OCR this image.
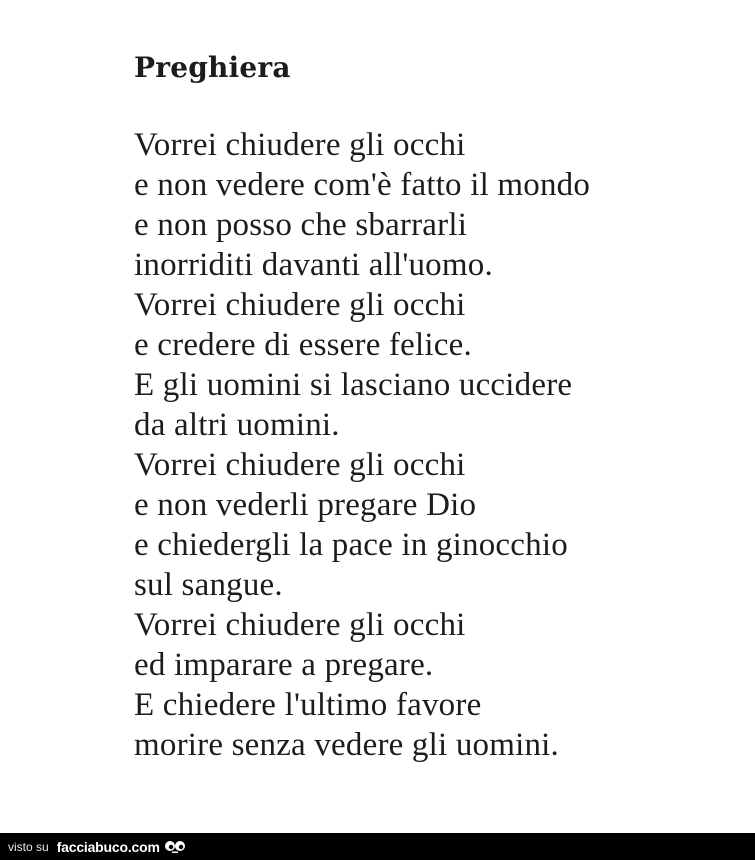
Preghiera
Vorrei chiudere gli occhi
e non vedere com'è fatto il mondo
e non posso che sbarrarli
inorriditi davanti all'uomo.
Vorrei chiudere gli occhi
e credere di essere felice.
E gli uomini si lasciano uccidere
da altri uomini.
Vorrei chiudere gli occhi
e non vederli pregare Dio
e chiedergli la pace in ginocchio
sul sangue.
Vorrei chiudere gli occhi
ed imparare a pregare.
E chiedere l'ultimo favore
morire senza vedere gli uomini.
visto su facciabuco.com
